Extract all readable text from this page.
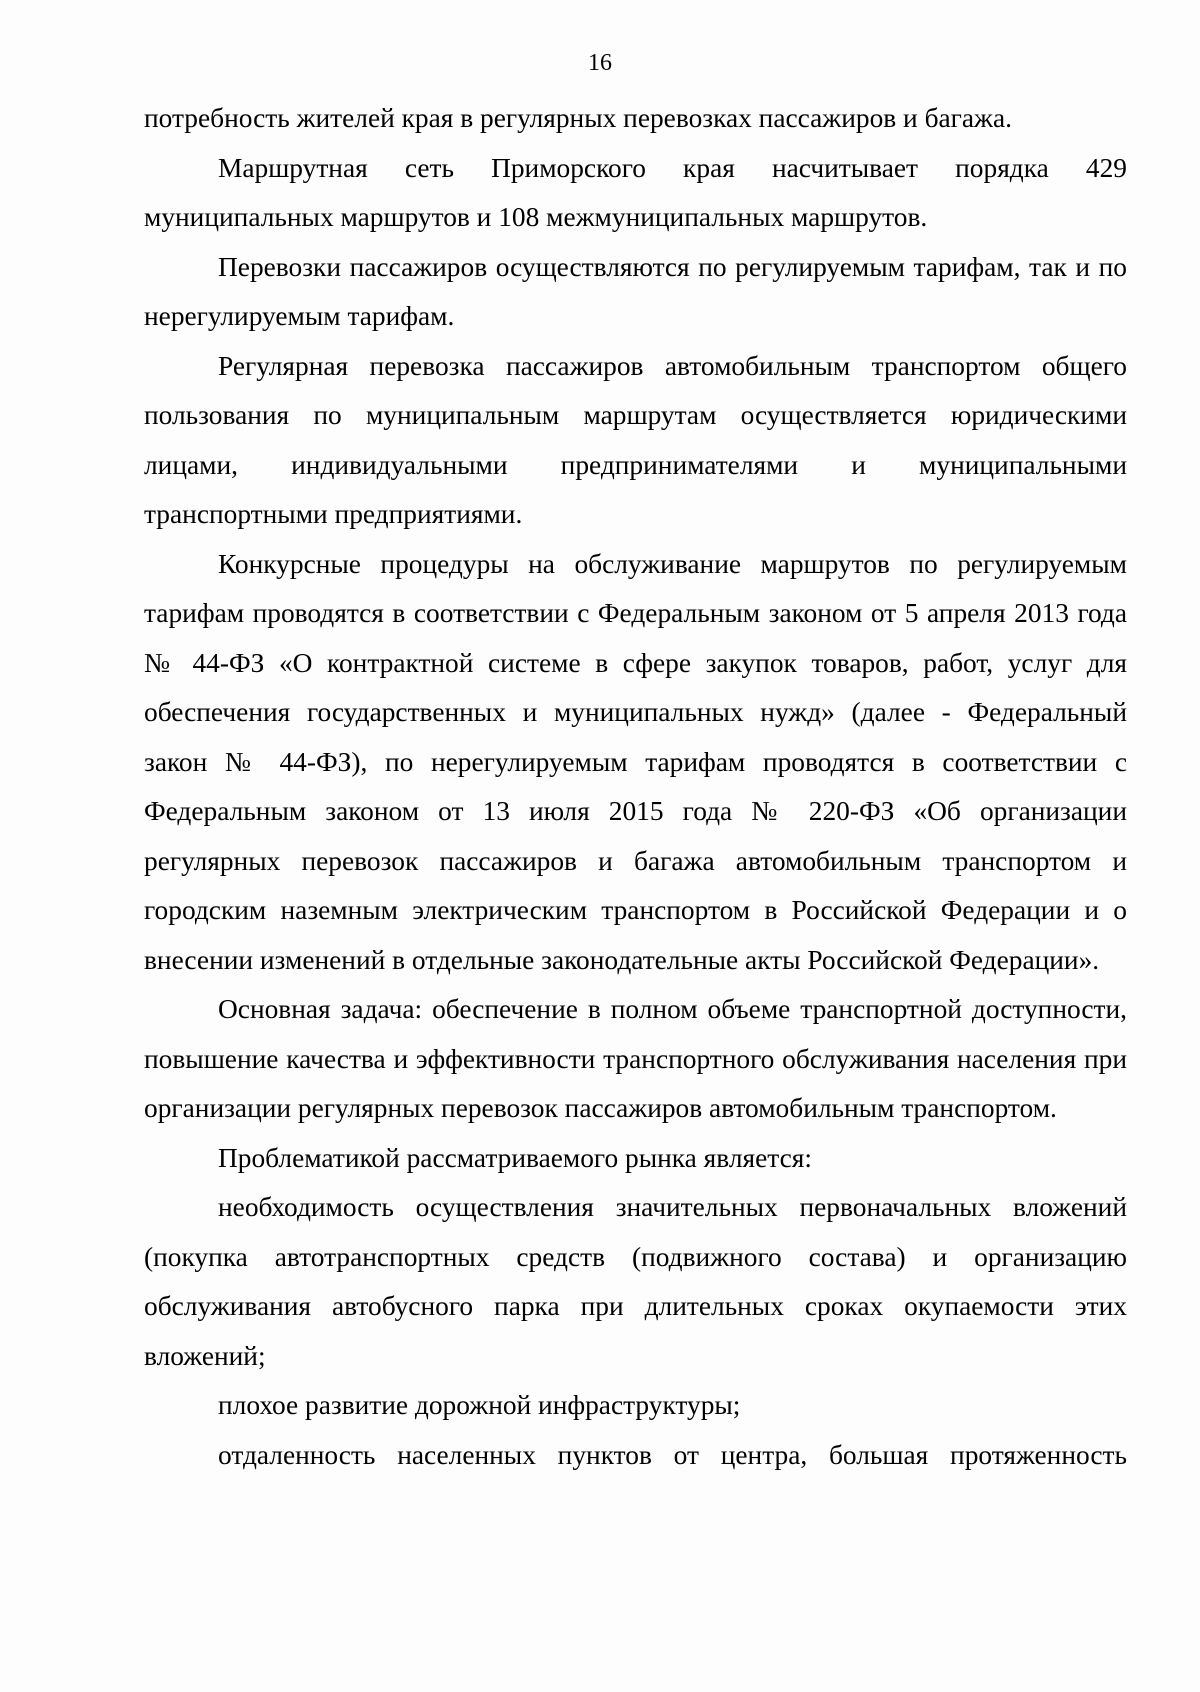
16

потребность жителей края в регулярных перевозках пассажиров и багажа.

Маршрутная сеть Приморского края насчитывает порядка 429 муниципальных маршрутов и 108 межмуниципальных маршрутов.

Перевозки пассажиров осуществляются по регулируемым тарифам, так и по нерегулируемым тарифам.

Регулярная перевозка пассажиров автомобильным транспортом общего пользования по муниципальным маршрутам осуществляется юридическими лицами, индивидуальными предпринимателями и муниципальными транспортными предприятиями.

Конкурсные процедуры на обслуживание маршрутов по регулируемым тарифам проводятся в соответствии с Федеральным законом от 5 апреля 2013 года № 44-ФЗ «О контрактной системе в сфере закупок товаров, работ, услуг для обеспечения государственных и муниципальных нужд» (далее - Федеральный закон № 44-ФЗ), по нерегулируемым тарифам проводятся в соответствии с Федеральным законом от 13 июля 2015 года № 220-ФЗ «Об организации регулярных перевозок пассажиров и багажа автомобильным транспортом и городским наземным электрическим транспортом в Российской Федерации и о внесении изменений в отдельные законодательные акты Российской Федерации».

Основная задача: обеспечение в полном объеме транспортной доступности, повышение качества и эффективности транспортного обслуживания населения при организации регулярных перевозок пассажиров автомобильным транспортом.

Проблематикой рассматриваемого рынка является:

необходимость осуществления значительных первоначальных вложений (покупка автотранспортных средств (подвижного состава) и организацию обслуживания автобусного парка при длительных сроках окупаемости этих вложений;

плохое развитие дорожной инфраструктуры;

отдаленность населенных пунктов от центра, большая протяженность
